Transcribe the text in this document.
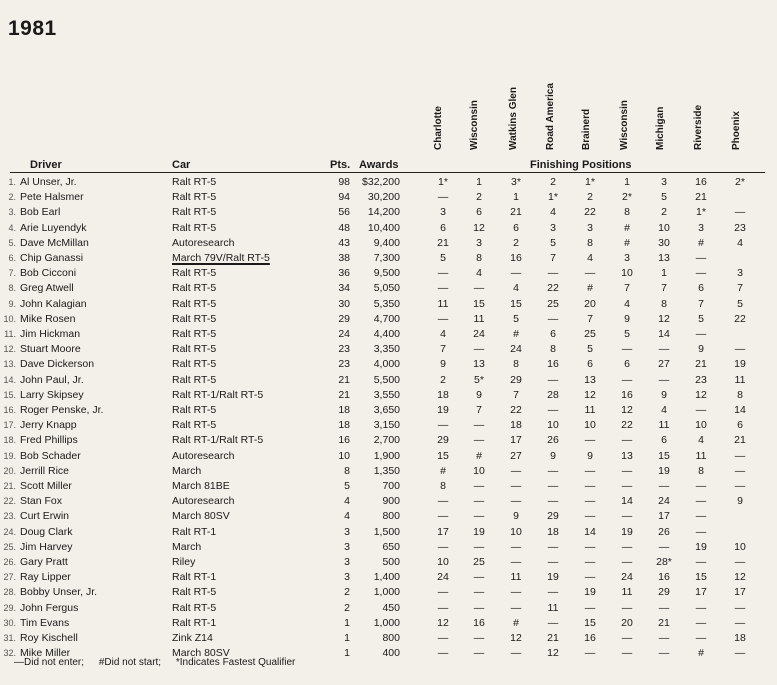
1981
Charlotte	Wisconsin	Watkins Glen	Road America	Brainerd	Wisconsin	Michigan	Riverside	Phoenix
Driver	Car	Pts. Awards	Finishing Positions
1. Al Unser, Jr.	Ralt RT-5	98	$32,200	1*	1	3*	2	1*	1	3	16	2*
2. Pete Halsmer	Ralt RT-5	94	30,200	—	2	1	1*	2	2*	5	21
3. Bob Earl	Ralt RT-5	56	14,200	3	6	21	4	22	8	2	1*	—
4. Arie Luyendyk	Ralt RT-5	48	10,400	6	12	6	3	3	#	10	3	23
5. Dave McMillan	Autoresearch	43	9,400	21	3	2	5	8	#	30	#	4
6. Chip Ganassi	March 79V/Ralt RT-5	38	7,300	5	8	16	7	4	3	13	—
7. Bob Cicconi	Ralt RT-5	36	9,500	—	4	—	—	—	10	1	—	3
8. Greg Atwell	Ralt RT-5	34	5,050	—	—	4	22	#	7	7	6	7
9. John Kalagian	Ralt RT-5	30	5,350	11	15	15	25	20	4	8	7	5
10. Mike Rosen	Ralt RT-5	29	4,700	—	11	5	—	7	9	12	5	22
11. Jim Hickman	Ralt RT-5	24	4,400	4	24	#	6	25	5	14	—
12. Stuart Moore	Ralt RT-5	23	3,350	7	—	24	8	5	—	—	9	—
13. Dave Dickerson	Ralt RT-5	23	4,000	9	13	8	16	6	6	27	21	19
14. John Paul, Jr.	Ralt RT-5	21	5,500	2	5*	29	—	13	—	—	23	11
15. Larry Skipsey	Ralt RT-1/Ralt RT-5	21	3,550	18	9	7	28	12	16	9	12	8
16. Roger Penske, Jr.	Ralt RT-5	18	3,650	19	7	22	—	11	12	4	—	14
17. Jerry Knapp	Ralt RT-5	18	3,150	—	—	18	10	10	22	11	10	6
18. Fred Phillips	Ralt RT-1/Ralt RT-5	16	2,700	29	—	17	26	—	—	6	4	21
19. Bob Schader	Autoresearch	10	1,900	15	#	27	9	9	13	15	11	—
20. Jerrill Rice	March	8	1,350	#	10	—	—	—	—	19	8	—
21. Scott Miller	March 81BE	5	700	8	—	—	—	—	—	—	—	—
22. Stan Fox	Autoresearch	4	900	—	—	—	—	—	14	24	—	9
23. Curt Erwin	March 80SV	4	800	—	—	9	29	—	—	17	—
24. Doug Clark	Ralt RT-1	3	1,500	17	19	10	18	14	19	26	—
25. Jim Harvey	March	3	650	—	—	—	—	—	—	—	19	10
26. Gary Pratt	Riley	3	500	10	25	—	—	—	—	28*	—	—
27. Ray Lipper	Ralt RT-1	3	1,400	24	—	11	19	—	24	16	15	12
28. Bobby Unser, Jr.	Ralt RT-5	2	1,000	—	—	—	—	19	11	29	17	17
29. John Fergus	Ralt RT-5	2	450	—	—	—	11	—	—	—	—	—
30. Tim Evans	Ralt RT-1	1	1,000	12	16	#	—	15	20	21	—	—
31. Roy Kischell	Zink Z14	1	800	—	—	12	21	16	—	—	—	18
32. Mike Miller	March 80SV	1	400	—	—	—	12	—	—	—	#	—
—Did not enter; #Did not start; *Indicates Fastest Qualifier
